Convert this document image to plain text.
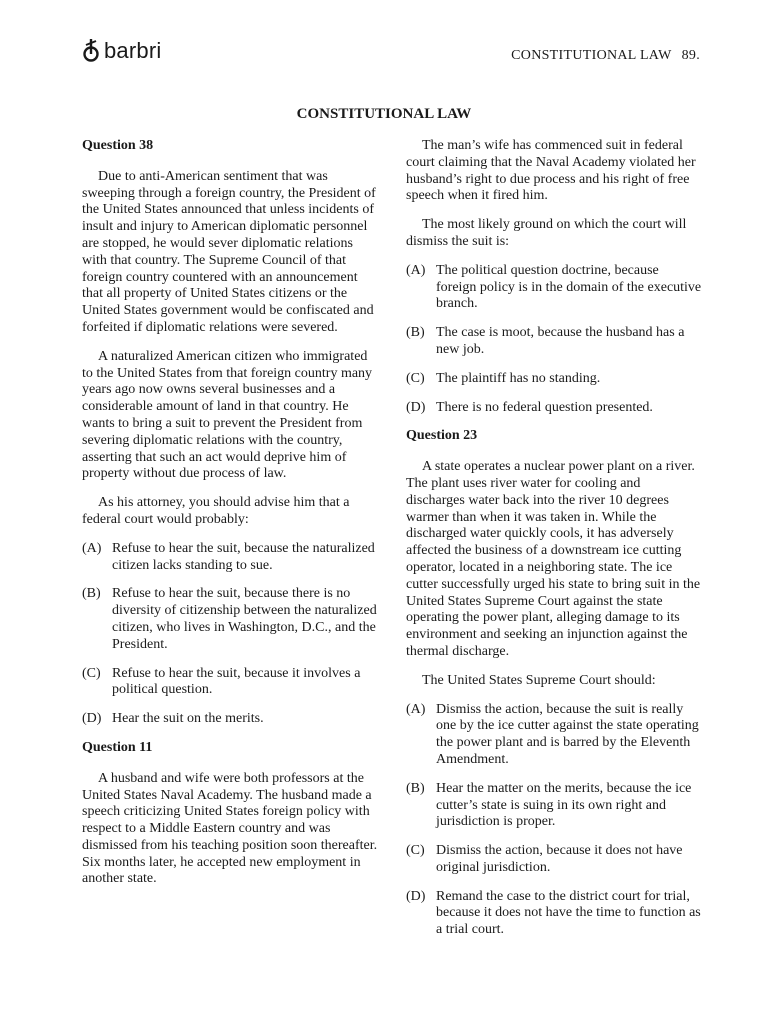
barbri	CONSTITUTIONAL LAW 89.
CONSTITUTIONAL LAW

Question 38

Due to anti-American sentiment that was sweeping through a foreign country, the President of the United States announced that unless incidents of insult and injury to American diplomatic personnel are stopped, he would sever diplomatic relations with that country. The Supreme Council of that foreign country countered with an announcement that all property of United States citizens or the United States government would be confiscated and forfeited if diplomatic relations were severed.

A naturalized American citizen who immigrated to the United States from that foreign country many years ago now owns several businesses and a considerable amount of land in that country. He wants to bring a suit to prevent the President from severing diplomatic relations with the country, asserting that such an act would deprive him of property without due process of law.

As his attorney, you should advise him that a federal court would probably:

(A) Refuse to hear the suit, because the naturalized citizen lacks standing to sue.
(B) Refuse to hear the suit, because there is no diversity of citizenship between the naturalized citizen, who lives in Washington, D.C., and the President.
(C) Refuse to hear the suit, because it involves a political question.
(D) Hear the suit on the merits.

Question 11

A husband and wife were both professors at the United States Naval Academy. The husband made a speech criticizing United States foreign policy with respect to a Middle Eastern country and was dismissed from his teaching position soon thereafter. Six months later, he accepted new employment in another state.

The man’s wife has commenced suit in federal court claiming that the Naval Academy violated her husband’s right to due process and his right of free speech when it fired him.

The most likely ground on which the court will dismiss the suit is:

(A) The political question doctrine, because foreign policy is in the domain of the executive branch.
(B) The case is moot, because the husband has a new job.
(C) The plaintiff has no standing.
(D) There is no federal question presented.

Question 23

A state operates a nuclear power plant on a river. The plant uses river water for cooling and discharges water back into the river 10 degrees warmer than when it was taken in. While the discharged water quickly cools, it has adversely affected the business of a downstream ice cutting operator, located in a neighboring state. The ice cutter successfully urged his state to bring suit in the United States Supreme Court against the state operating the power plant, alleging damage to its environment and seeking an injunction against the thermal discharge.

The United States Supreme Court should:

(A) Dismiss the action, because the suit is really one by the ice cutter against the state operating the power plant and is barred by the Eleventh Amendment.
(B) Hear the matter on the merits, because the ice cutter’s state is suing in its own right and jurisdiction is proper.
(C) Dismiss the action, because it does not have original jurisdiction.
(D) Remand the case to the district court for trial, because it does not have the time to function as a trial court.
